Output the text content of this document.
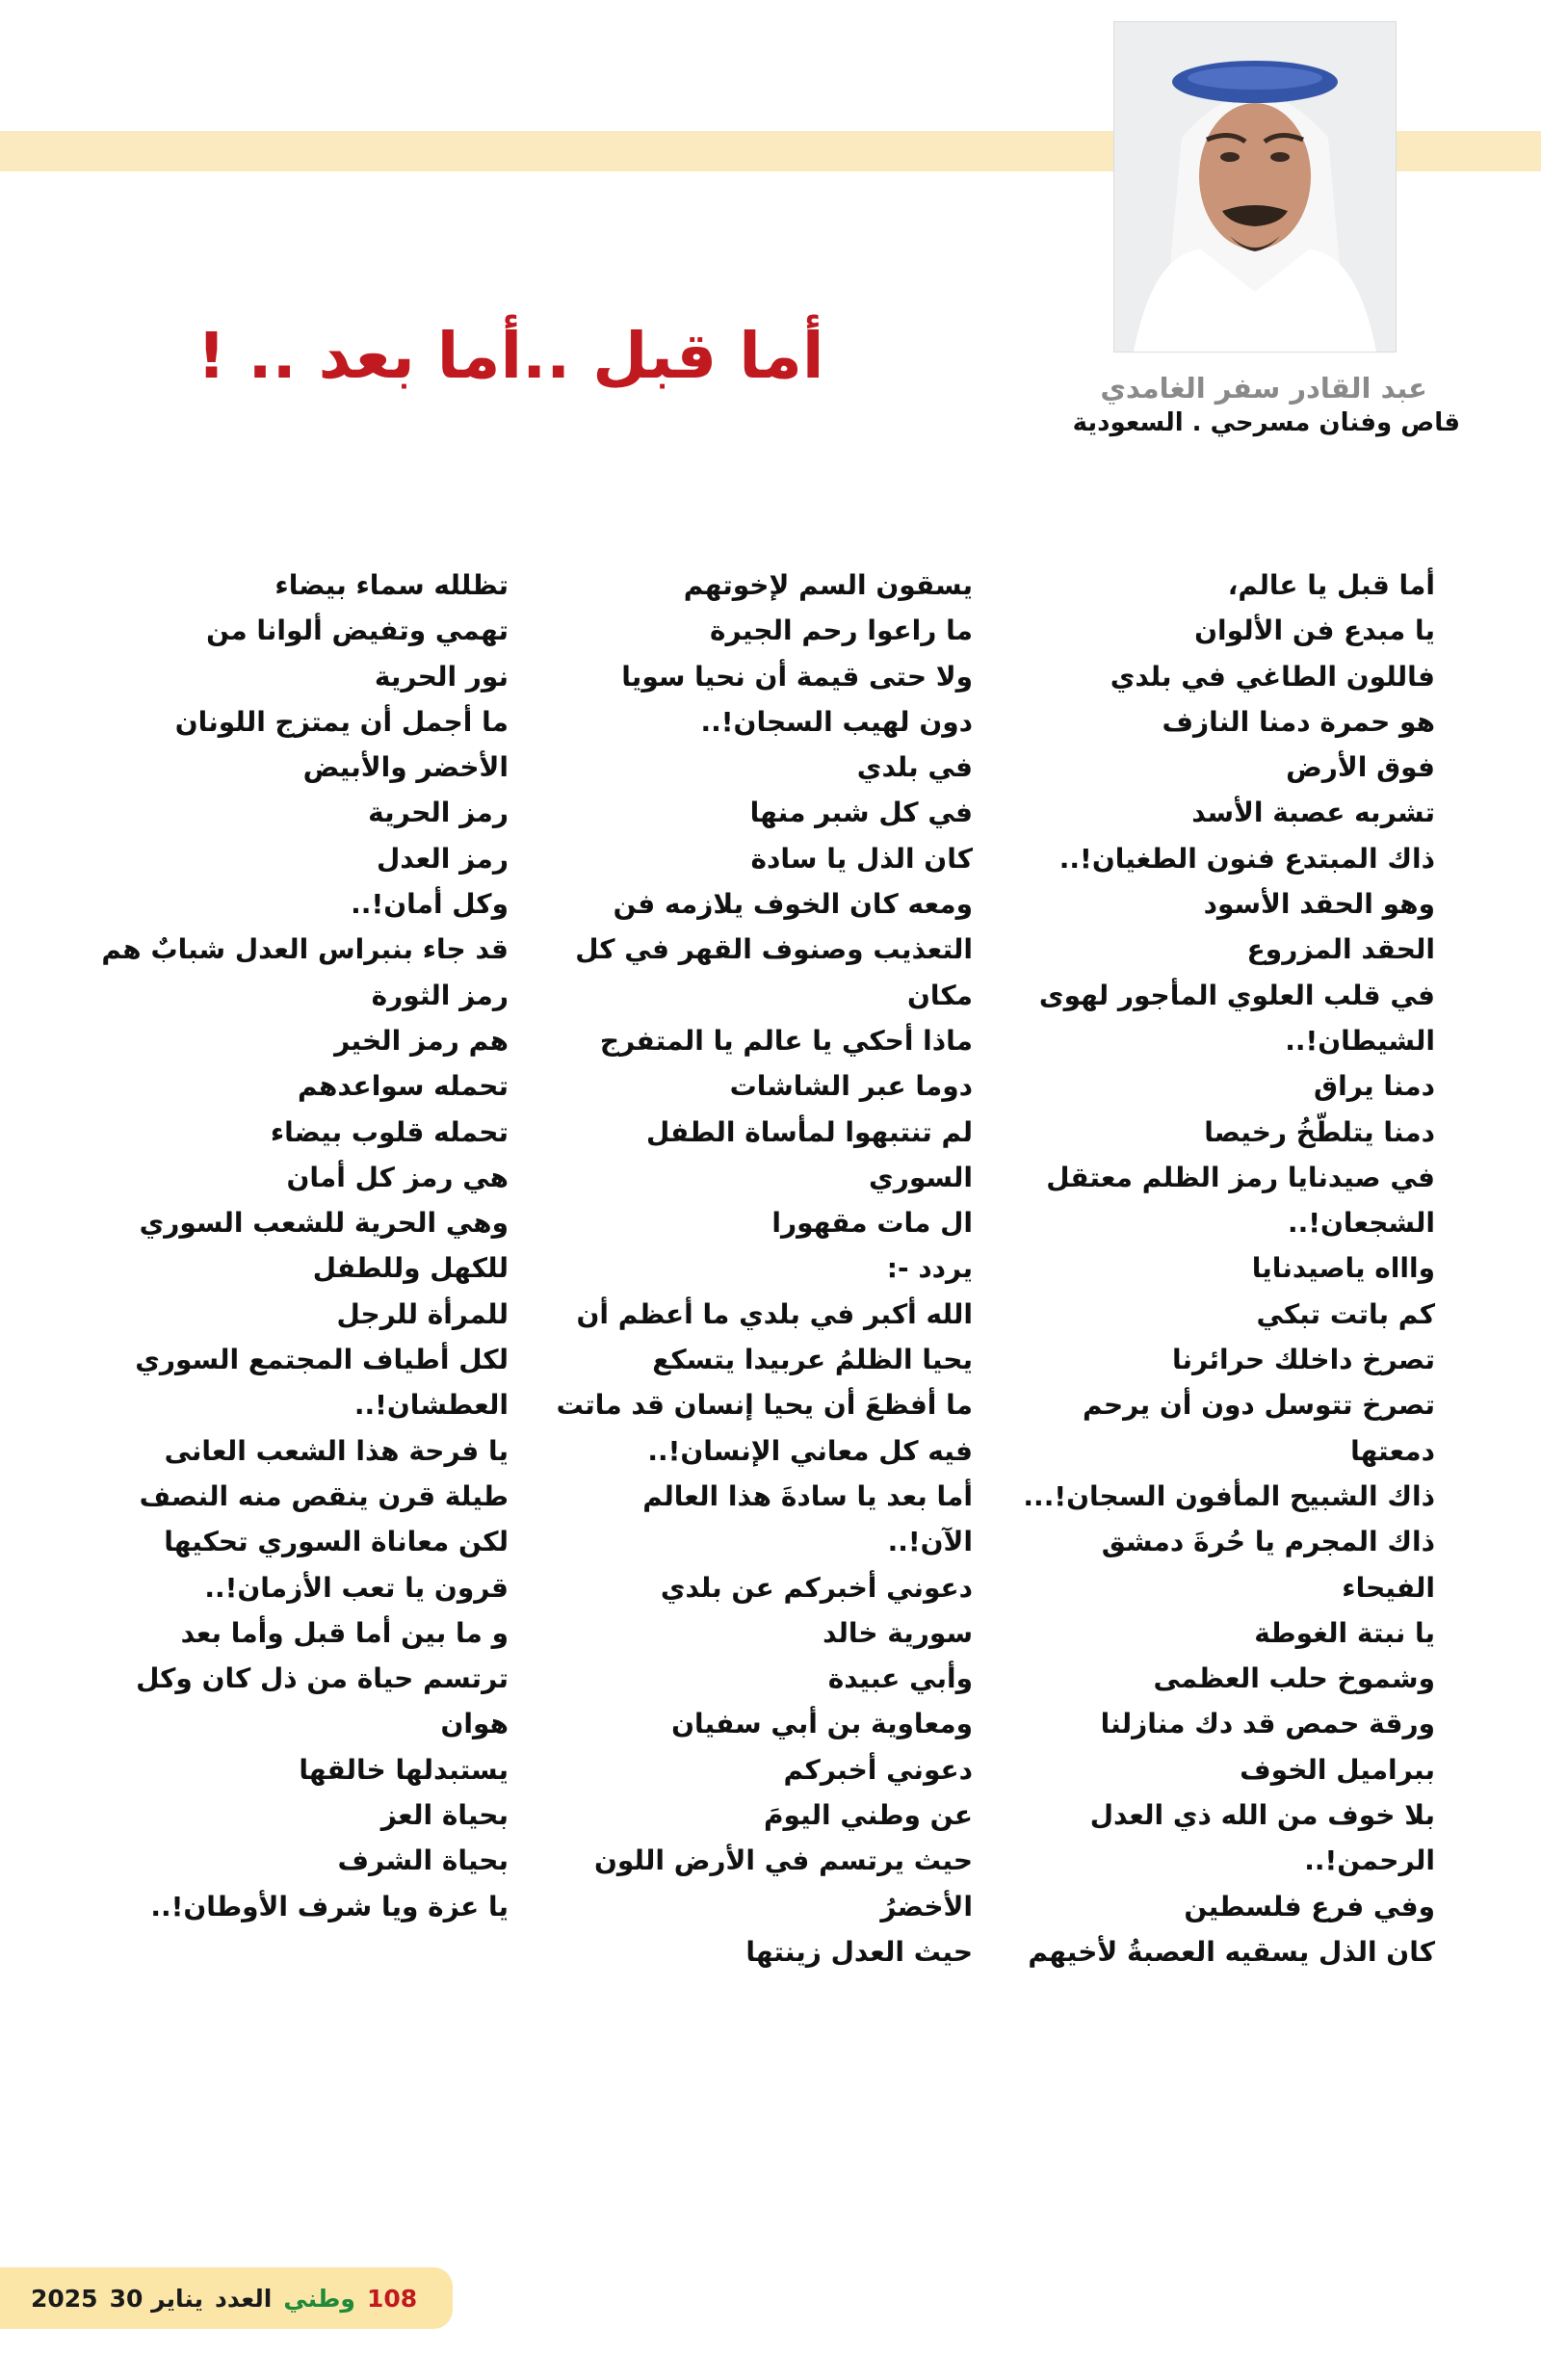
أما قبل ..أما بعد .. !	عبد القادر سفر الغامدي
قاص وفنان مسرحي . السعودية
أما قبل يا عالم،
يا مبدع فن الألوان
فاللون الطاغي في بلدي
هو حمرة دمنا النازف
فوق الأرض
تشربه عصبة الأسد
ذاك المبتدع فنون الطغيان!..
وهو الحقد الأسود
الحقد المزروع
في قلب العلوي المأجور لهوى
الشيطان!..
دمنا يراق
دمنا يتلطّخُ رخيصا
في صيدنايا رمز الظلم معتقل
الشجعان!..
واااه ياصيدنايا
كم باتت تبكي
تصرخ داخلك حرائرنا
تصرخ تتوسل دون أن يرحم
دمعتها
ذاك الشبيح المأفون السجان!...
ذاك المجرم يا حُرةَ دمشق
الفيحاء
يا نبتة الغوطة
وشموخ حلب العظمى
ورقة حمص قد دك منازلنا
ببراميل الخوف
بلا خوف من الله ذي العدل
الرحمن!..
وفي فرع فلسطين
كان الذل يسقيه العصبةُ لأخيهم
يسقون السم لإخوتهم
ما راعوا رحم الجيرة
ولا حتى قيمة أن نحيا سويا
دون لهيب السجان!..
في بلدي
في كل شبر منها
كان الذل يا سادة
ومعه كان الخوف يلازمه فن
التعذيب وصنوف القهر في كل
مكان
ماذا أحكي يا عالم يا المتفرج
دوما عبر الشاشات
لم تنتبهوا لمأساة الطفل
السوري
ال مات مقهورا
يردد -:
الله أكبر في بلدي ما أعظم أن
يحيا الظلمُ عربيدا يتسكع
ما أفظعَ أن يحيا إنسان قد ماتت
فيه كل معاني الإنسان!..
أما بعد يا سادةَ هذا العالم
الآن!..
دعوني أخبركم عن بلدي
سورية خالد
وأبي عبيدة
ومعاوية بن أبي سفيان
دعوني أخبركم
عن وطني اليومَ
حيث يرتسم في الأرض اللون
الأخضرُ
حيث العدل زينتها
تظلله سماء بيضاء
تهمي وتفيض ألوانا من
نور الحرية
ما أجمل أن يمتزج اللونان
الأخضر والأبيض
رمز الحرية
رمز العدل
وكل أمان!..
قد جاء بنبراس العدل شبابٌ هم
رمز الثورة
هم رمز الخير
تحمله سواعدهم
تحمله قلوب بيضاء
هي رمز كل أمان
وهي الحرية للشعب السوري
للكهل وللطفل
للمرأة للرجل
لكل أطياف المجتمع السوري
العطشان!..
يا فرحة هذا الشعب العانى
طيلة قرن ينقص منه النصف
لكن معاناة السوري تحكيها
قرون يا تعب الأزمان!..
و ما بين أما قبل وأما بعد
ترتسم حياة من ذل كان وكل
هوان
يستبدلها خالقها
بحياة العز
بحياة الشرف
يا عزة ويا شرف الأوطان!..
2025 30 يناير العدد وطني 108
